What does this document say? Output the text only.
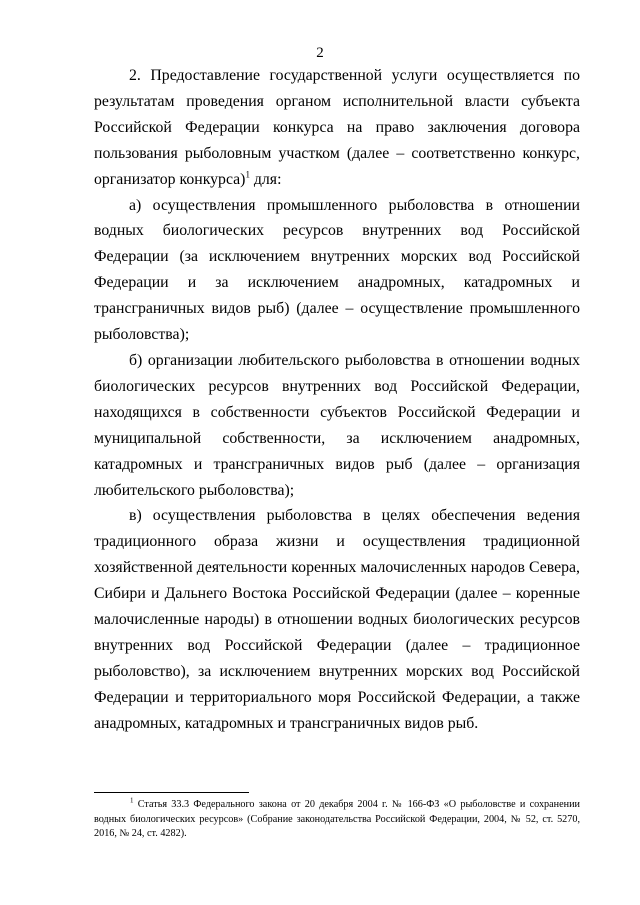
2

2. Предоставление государственной услуги осуществляется по результатам проведения органом исполнительной власти субъекта Российской Федерации конкурса на право заключения договора пользования рыболовным участком (далее – соответственно конкурс, организатор конкурса)$^1$ для:

а) осуществления промышленного рыболовства в отношении водных биологических ресурсов внутренних вод Российской Федерации (за исключением внутренних морских вод Российской Федерации и за исключением анадромных, катадромных и трансграничных видов рыб) (далее – осуществление промышленного рыболовства);

б) организации любительского рыболовства в отношении водных биологических ресурсов внутренних вод Российской Федерации, находящихся в собственности субъектов Российской Федерации и муниципальной собственности, за исключением анадромных, катадромных и трансграничных видов рыб (далее – организация любительского рыболовства);

в) осуществления рыболовства в целях обеспечения ведения традиционного образа жизни и осуществления традиционной хозяйственной деятельности коренных малочисленных народов Севера, Сибири и Дальнего Востока Российской Федерации (далее – коренные малочисленные народы) в отношении водных биологических ресурсов внутренних вод Российской Федерации (далее – традиционное рыболовство), за исключением внутренних морских вод Российской Федерации и территориального моря Российской Федерации, а также анадромных, катадромных и трансграничных видов рыб.

$^1$ Статья 33.3 Федерального закона от 20 декабря 2004 г. № 166-ФЗ «О рыболовстве и сохранении водных биологических ресурсов» (Собрание законодательства Российской Федерации, 2004, № 52, ст. 5270, 2016, № 24, ст. 4282).
